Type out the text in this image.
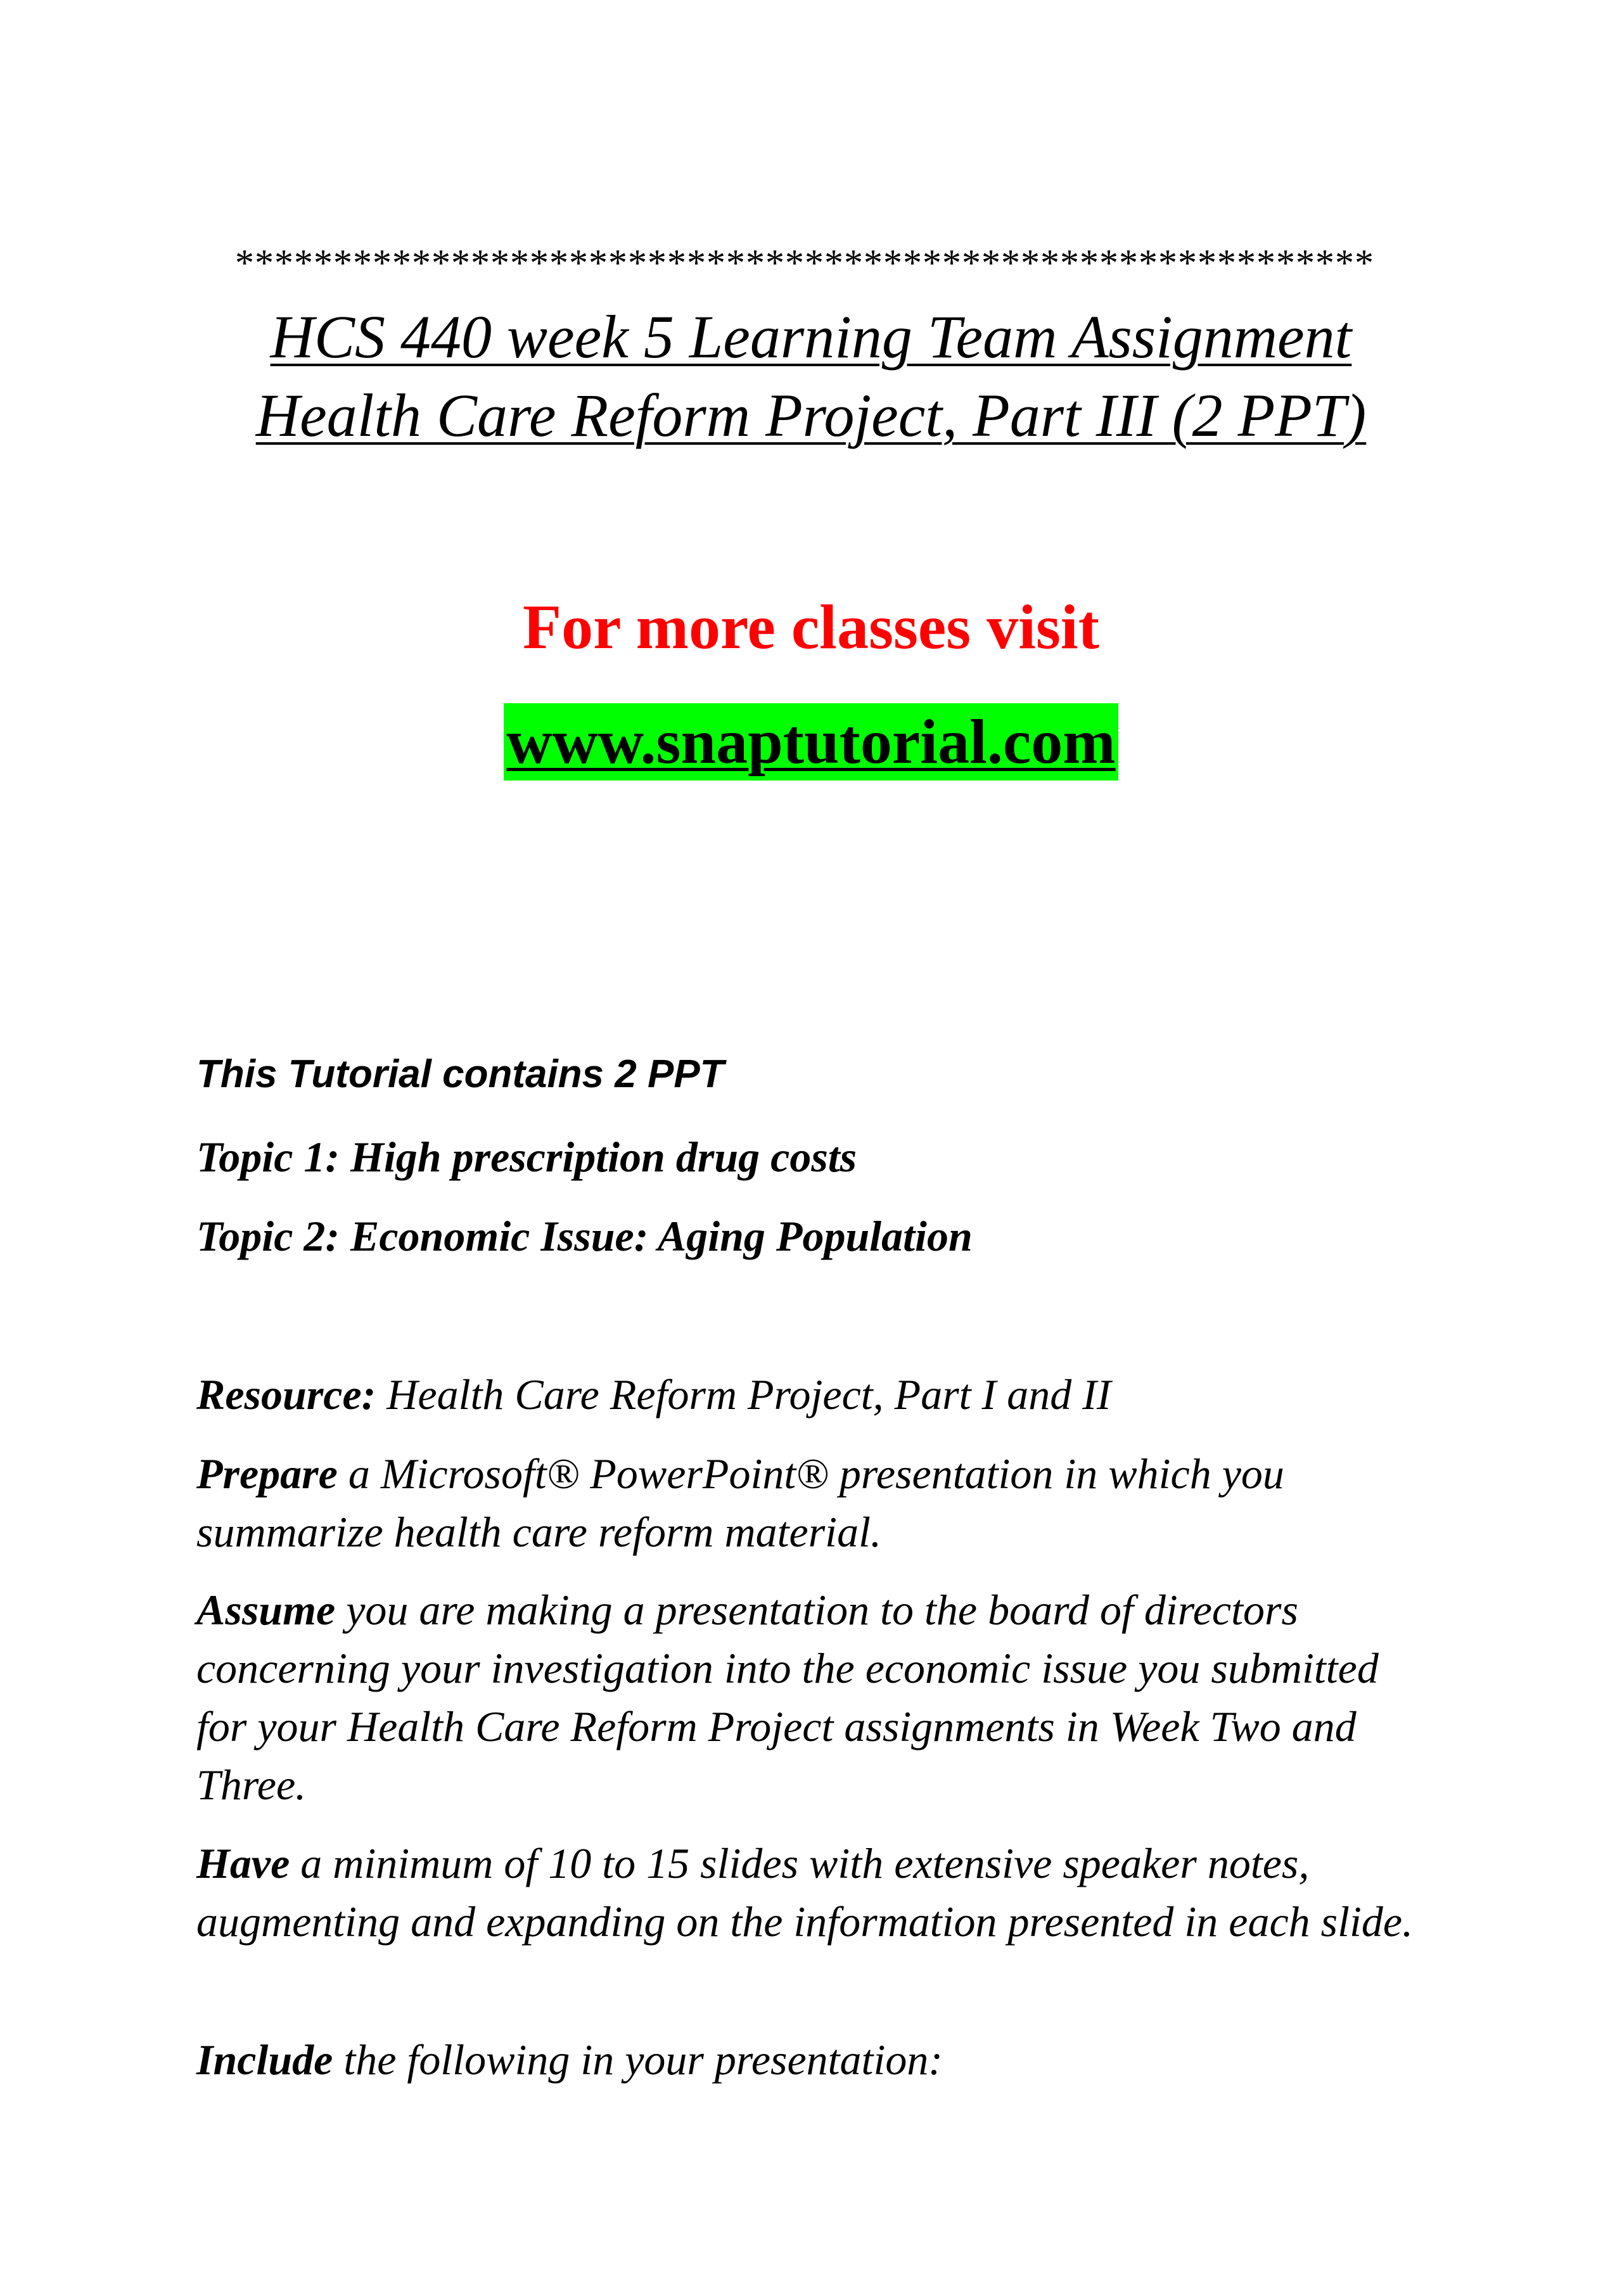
**********************************************************
HCS 440 week 5 Learning Team Assignment
Health Care Reform Project, Part III (2 PPT)
For more classes visit
www.snaptutorial.com
This Tutorial contains 2 PPT
Topic 1: High prescription drug costs
Topic 2: Economic Issue: Aging Population
Resource: Health Care Reform Project, Part I and II
Prepare a Microsoft® PowerPoint® presentation in which you summarize health care reform material.
Assume you are making a presentation to the board of directors concerning your investigation into the economic issue you submitted for your Health Care Reform Project assignments in Week Two and Three.
Have a minimum of 10 to 15 slides with extensive speaker notes, augmenting and expanding on the information presented in each slide.
Include the following in your presentation:
